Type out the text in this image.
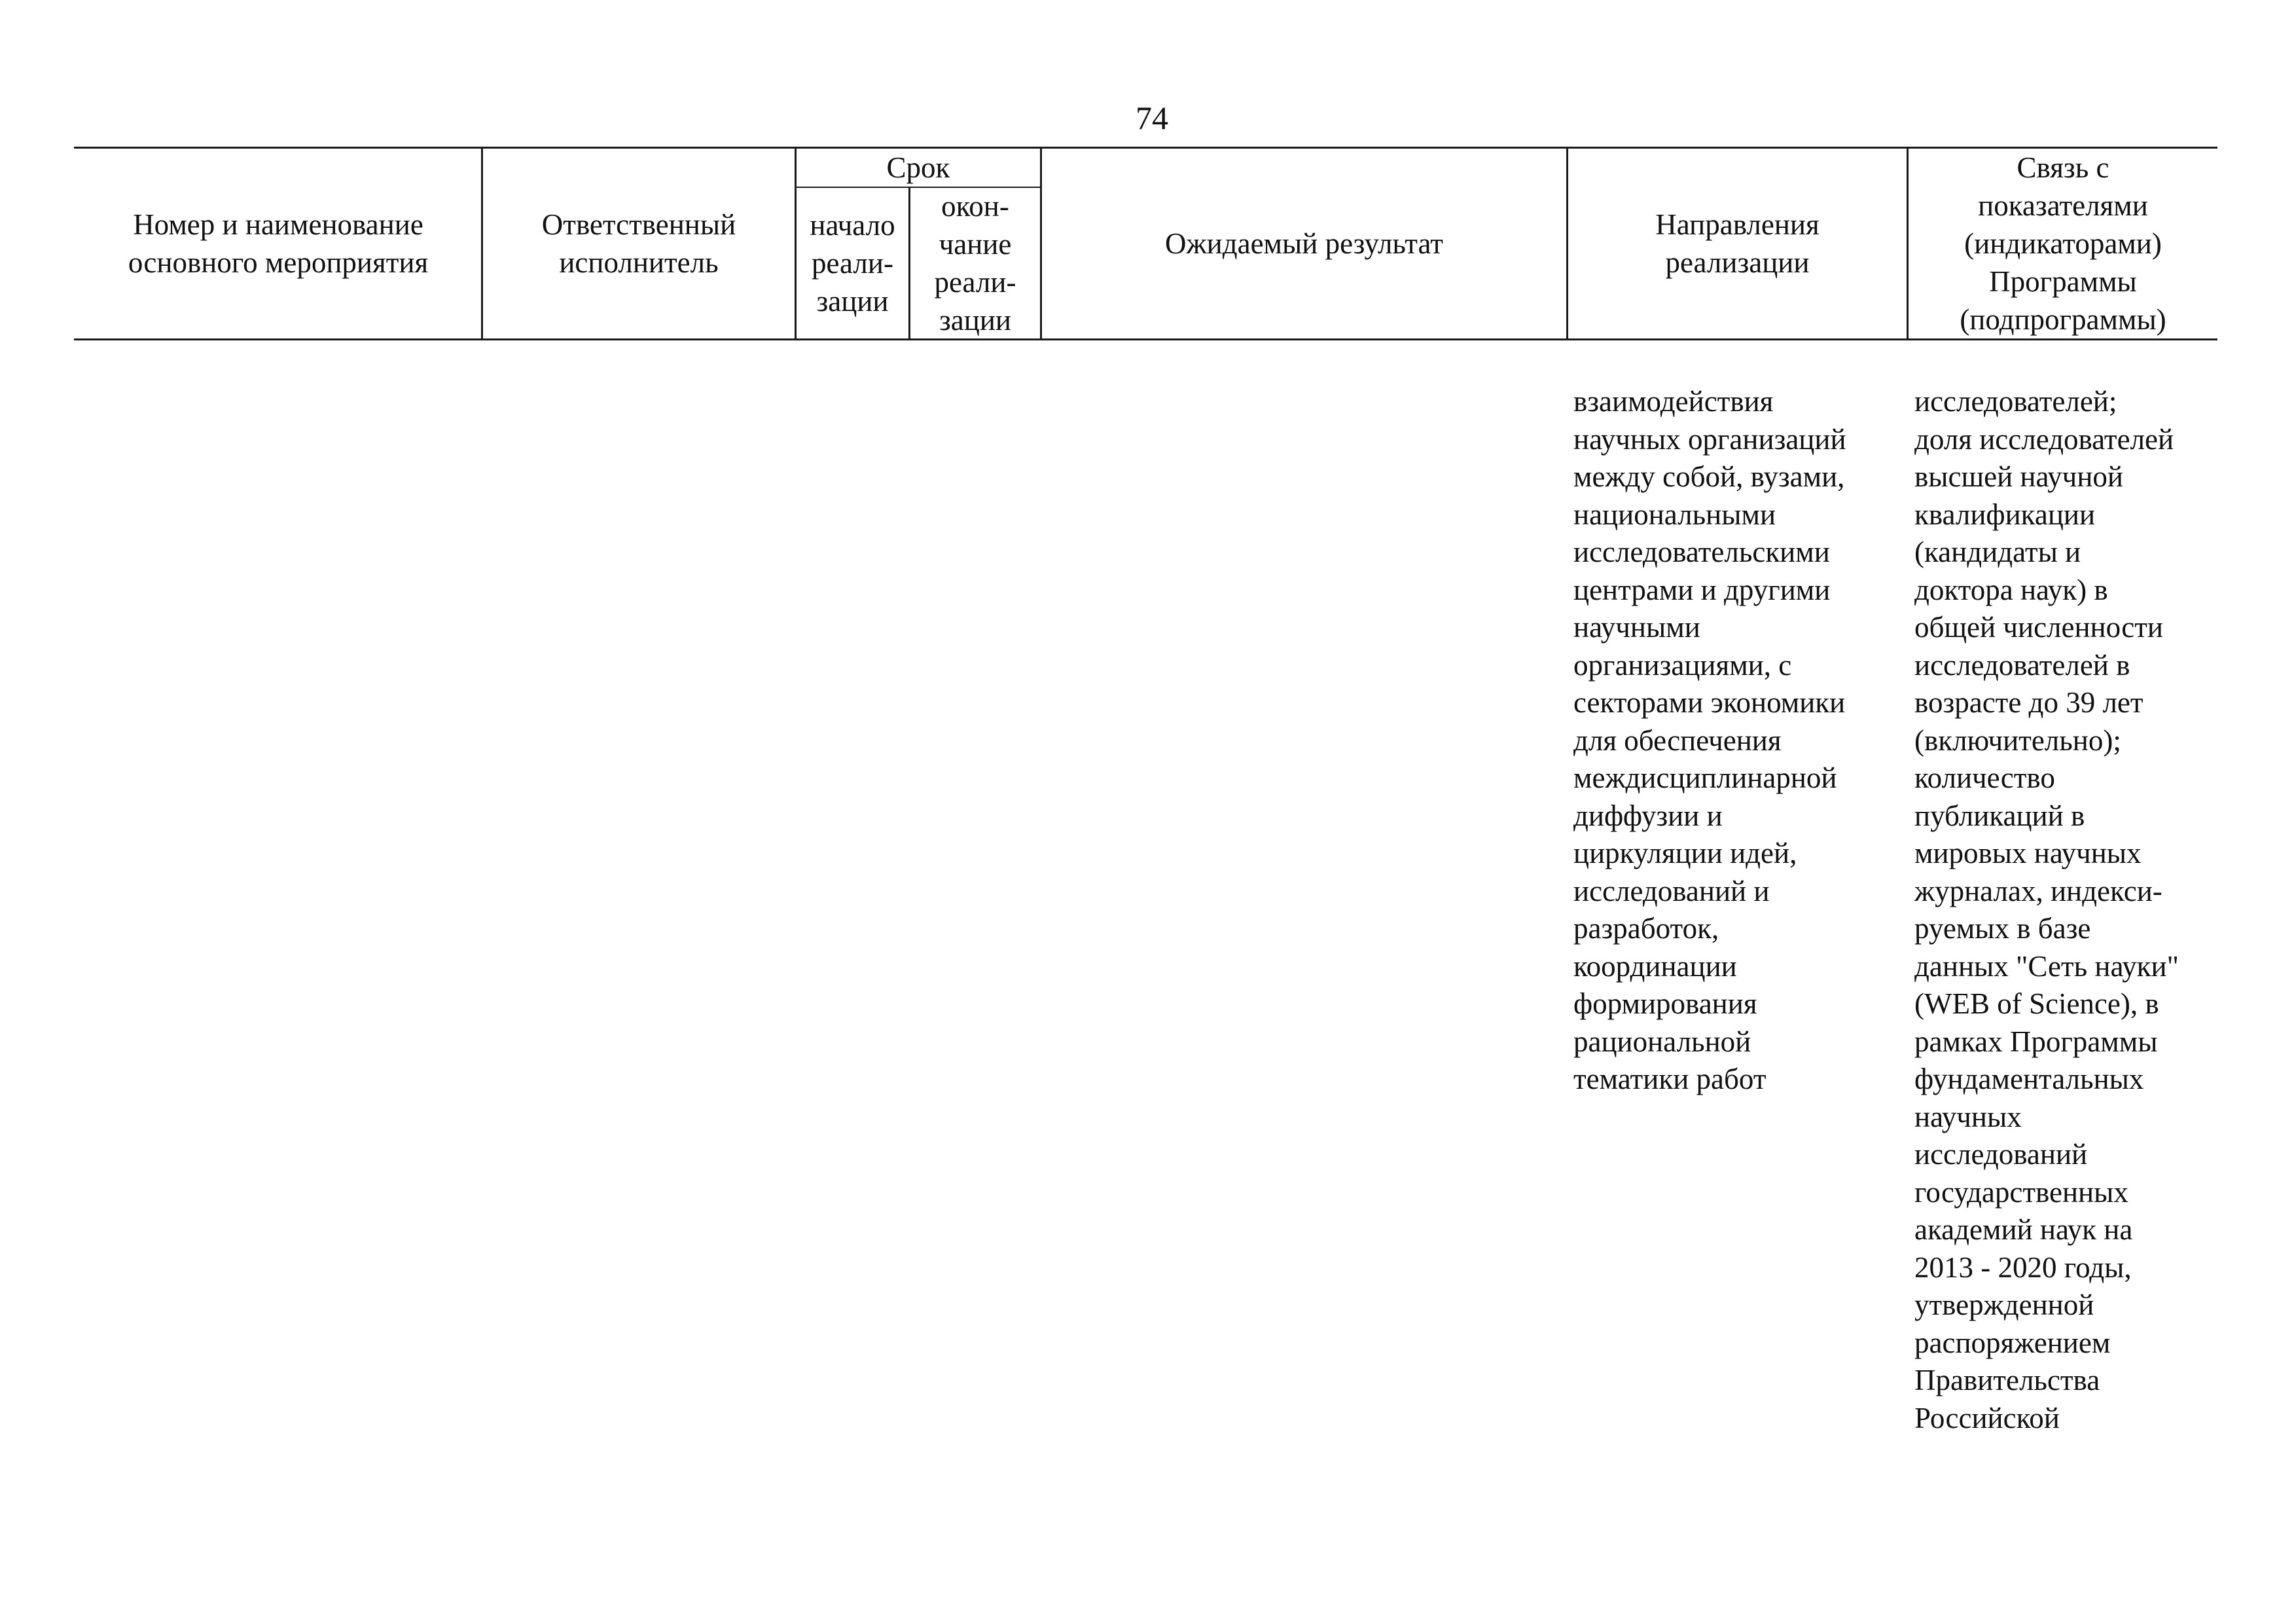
74
Номер и наименование
основного мероприятия
Ответственный
исполнитель
Срок
начало
реали-
зации
окон-
чание
реали-
зации
Ожидаемый результат
Направления
реализации
Связь с
показателями
(индикаторами)
Программы
(подпрограммы)
взаимодействия
научных организаций
между собой, вузами,
национальными
исследовательскими
центрами и другими
научными
организациями, с
секторами экономики
для обеспечения
междисциплинарной
диффузии и
циркуляции идей,
исследований и
разработок,
координации
формирования
рациональной
тематики работ
исследователей;
доля исследователей
высшей научной
квалификации
(кандидаты и
доктора наук) в
общей численности
исследователей в
возрасте до 39 лет
(включительно);
количество
публикаций в
мировых научных
журналах, индекси-
руемых в базе
данных "Сеть науки"
(WEB of Science), в
рамках Программы
фундаментальных
научных
исследований
государственных
академий наук на
2013 - 2020 годы,
утвержденной
распоряжением
Правительства
Российской
